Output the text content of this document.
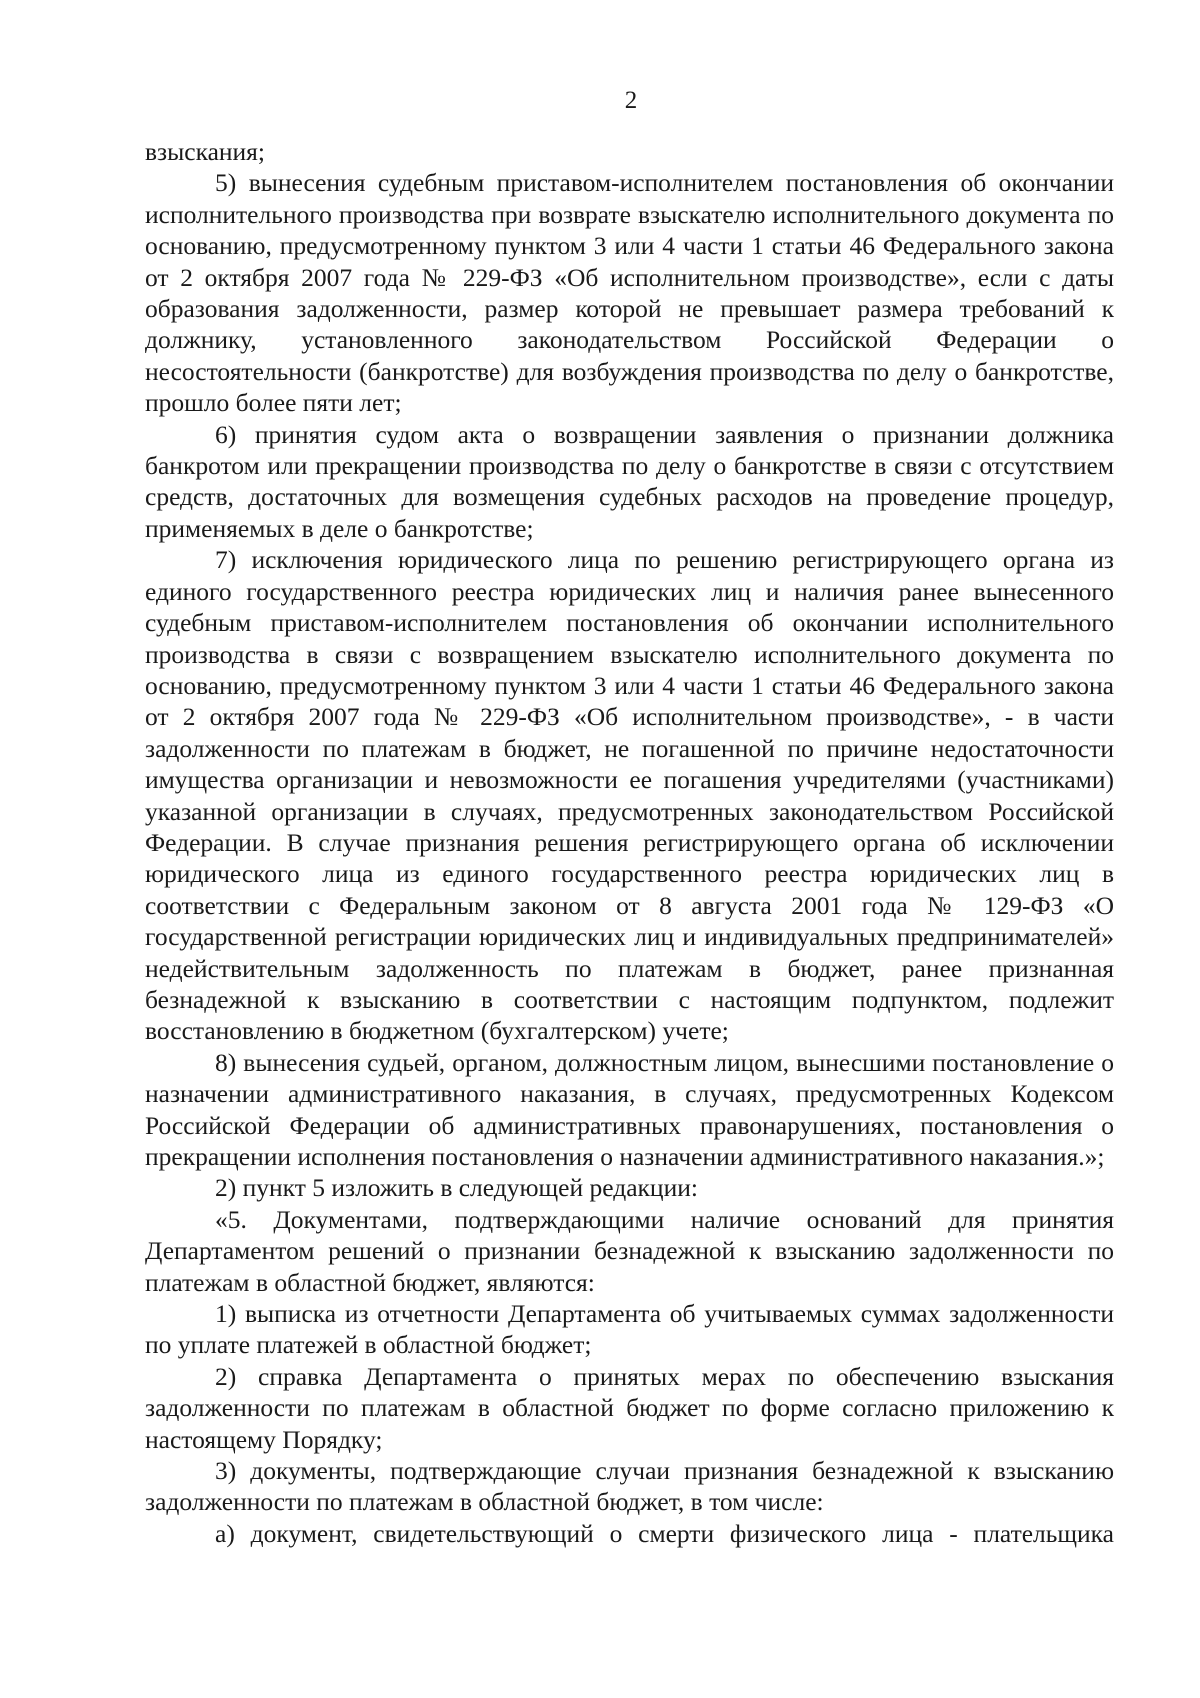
2

взыскания;

5) вынесения судебным приставом-исполнителем постановления об окончании исполнительного производства при возврате взыскателю исполнительного документа по основанию, предусмотренному пунктом 3 или 4 части 1 статьи 46 Федерального закона от 2 октября 2007 года № 229-ФЗ «Об исполнительном производстве», если с даты образования задолженности, размер которой не превышает размера требований к должнику, установленного законодательством Российской Федерации о несостоятельности (банкротстве) для возбуждения производства по делу о банкротстве, прошло более пяти лет;

6) принятия судом акта о возвращении заявления о признании должника банкротом или прекращении производства по делу о банкротстве в связи с отсутствием средств, достаточных для возмещения судебных расходов на проведение процедур, применяемых в деле о банкротстве;

7) исключения юридического лица по решению регистрирующего органа из единого государственного реестра юридических лиц и наличия ранее вынесенного судебным приставом-исполнителем постановления об окончании исполнительного производства в связи с возвращением взыскателю исполнительного документа по основанию, предусмотренному пунктом 3 или 4 части 1 статьи 46 Федерального закона от 2 октября 2007 года № 229-ФЗ «Об исполнительном производстве», - в части задолженности по платежам в бюджет, не погашенной по причине недостаточности имущества организации и невозможности ее погашения учредителями (участниками) указанной организации в случаях, предусмотренных законодательством Российской Федерации. В случае признания решения регистрирующего органа об исключении юридического лица из единого государственного реестра юридических лиц в соответствии с Федеральным законом от 8 августа 2001 года № 129-ФЗ «О государственной регистрации юридических лиц и индивидуальных предпринимателей» недействительным задолженность по платежам в бюджет, ранее признанная безнадежной к взысканию в соответствии с настоящим подпунктом, подлежит восстановлению в бюджетном (бухгалтерском) учете;

8) вынесения судьей, органом, должностным лицом, вынесшими постановление о назначении административного наказания, в случаях, предусмотренных Кодексом Российской Федерации об административных правонарушениях, постановления о прекращении исполнения постановления о назначении административного наказания.»;

2) пункт 5 изложить в следующей редакции:

«5. Документами, подтверждающими наличие оснований для принятия Департаментом решений о признании безнадежной к взысканию задолженности по платежам в областной бюджет, являются:

1) выписка из отчетности Департамента об учитываемых суммах задолженности по уплате платежей в областной бюджет;

2) справка Департамента о принятых мерах по обеспечению взыскания задолженности по платежам в областной бюджет по форме согласно приложению к настоящему Порядку;

3) документы, подтверждающие случаи признания безнадежной к взысканию задолженности по платежам в областной бюджет, в том числе:

а) документ, свидетельствующий о смерти физического лица - плательщика
